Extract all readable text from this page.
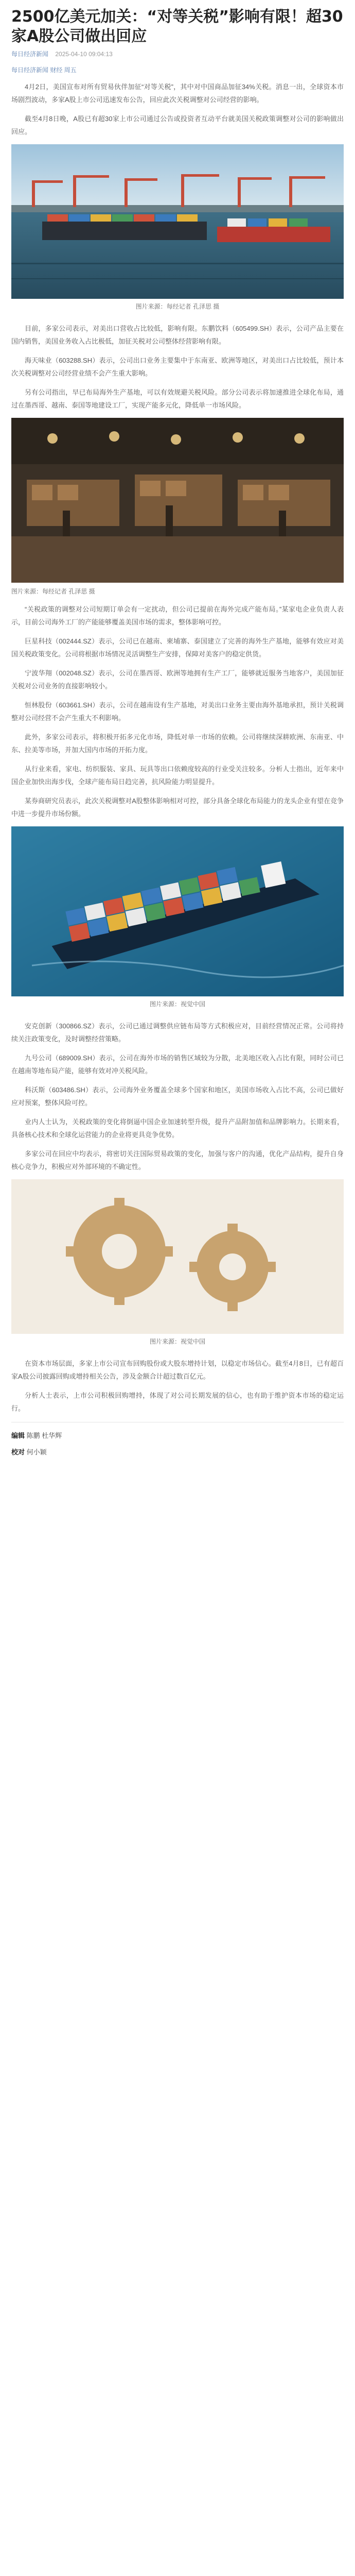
2500亿美元加关：“对等关税”影响有限！超30家A股公司做出回应
每日经济新闻 2025-04-10 09:04:13
每日经济新闻 财经 周五

4月2日，美国宣布对所有贸易伙伴加征“对等关税”，其中对中国商品加征34%关税。消息一出，全球资本市场剧烈波动，多家A股上市公司迅速发布公告，回应此次关税调整对公司经营的影响。

截至4月8日晚，A股已有超30家上市公司通过公告或投资者互动平台就美国关税政策调整对公司的影响做出回应。

图片来源：每经记者 孔泽思 摄

目前，多家公司表示，对美出口营收占比较低，影响有限。东鹏饮料（605499.SH）表示，公司产品主要在国内销售，美国业务收入占比极低，加征关税对公司整体经营影响有限。

海天味业（603288.SH）表示，公司出口业务主要集中于东南亚、欧洲等地区，对美出口占比较低，预计本次关税调整对公司经营业绩不会产生重大影响。

另有公司指出，早已布局海外生产基地，可以有效规避关税风险。部分公司表示将加速推进全球化布局，通过在墨西哥、越南、泰国等地建设工厂，实现产能多元化，降低单一市场风险。

图片来源：每经记者 孔泽思 摄

“关税政策的调整对公司短期订单会有一定扰动，但公司已提前在海外完成产能布局。”某家电企业负责人表示，目前公司海外工厂的产能能够覆盖美国市场的需求，整体影响可控。

巨星科技（002444.SZ）表示，公司已在越南、柬埔寨、泰国建立了完善的海外生产基地，能够有效应对美国关税政策变化。公司将根据市场情况灵活调整生产安排，保障对美客户的稳定供货。

宁波华翔（002048.SZ）表示，公司在墨西哥、欧洲等地拥有生产工厂，能够就近服务当地客户，美国加征关税对公司业务的直接影响较小。

恒林股份（603661.SH）表示，公司在越南设有生产基地，对美出口业务主要由海外基地承担，预计关税调整对公司经营不会产生重大不利影响。

此外，多家公司表示，将积极开拓多元化市场，降低对单一市场的依赖。公司将继续深耕欧洲、东南亚、中东、拉美等市场，并加大国内市场的开拓力度。

从行业来看，家电、纺织服装、家具、玩具等出口依赖度较高的行业受关注较多。分析人士指出，近年来中国企业加快出海步伐，全球产能布局日趋完善，抗风险能力明显提升。

某券商研究员表示，此次关税调整对A股整体影响相对可控，部分具备全球化布局能力的龙头企业有望在竞争中进一步提升市场份额。

图片来源：视觉中国

安克创新（300866.SZ）表示，公司已通过调整供应链布局等方式积极应对，目前经营情况正常。公司将持续关注政策变化，及时调整经营策略。

九号公司（689009.SH）表示，公司在海外市场的销售区域较为分散，北美地区收入占比有限，同时公司已在越南等地布局产能，能够有效对冲关税风险。

科沃斯（603486.SH）表示，公司海外业务覆盖全球多个国家和地区，美国市场收入占比不高，公司已做好应对预案，整体风险可控。

业内人士认为，关税政策的变化将倒逼中国企业加速转型升级，提升产品附加值和品牌影响力。长期来看，具备核心技术和全球化运营能力的企业将更具竞争优势。

多家公司在回应中均表示，将密切关注国际贸易政策的变化，加强与客户的沟通，优化产品结构，提升自身核心竞争力，积极应对外部环境的不确定性。

图片来源：视觉中国

在资本市场层面，多家上市公司宣布回购股份或大股东增持计划，以稳定市场信心。截至4月8日，已有超百家A股公司披露回购或增持相关公告，涉及金额合计超过数百亿元。

分析人士表示，上市公司积极回购增持，体现了对公司长期发展的信心，也有助于维护资本市场的稳定运行。

编辑 陈鹏 杜华辉
校对 何小颖
